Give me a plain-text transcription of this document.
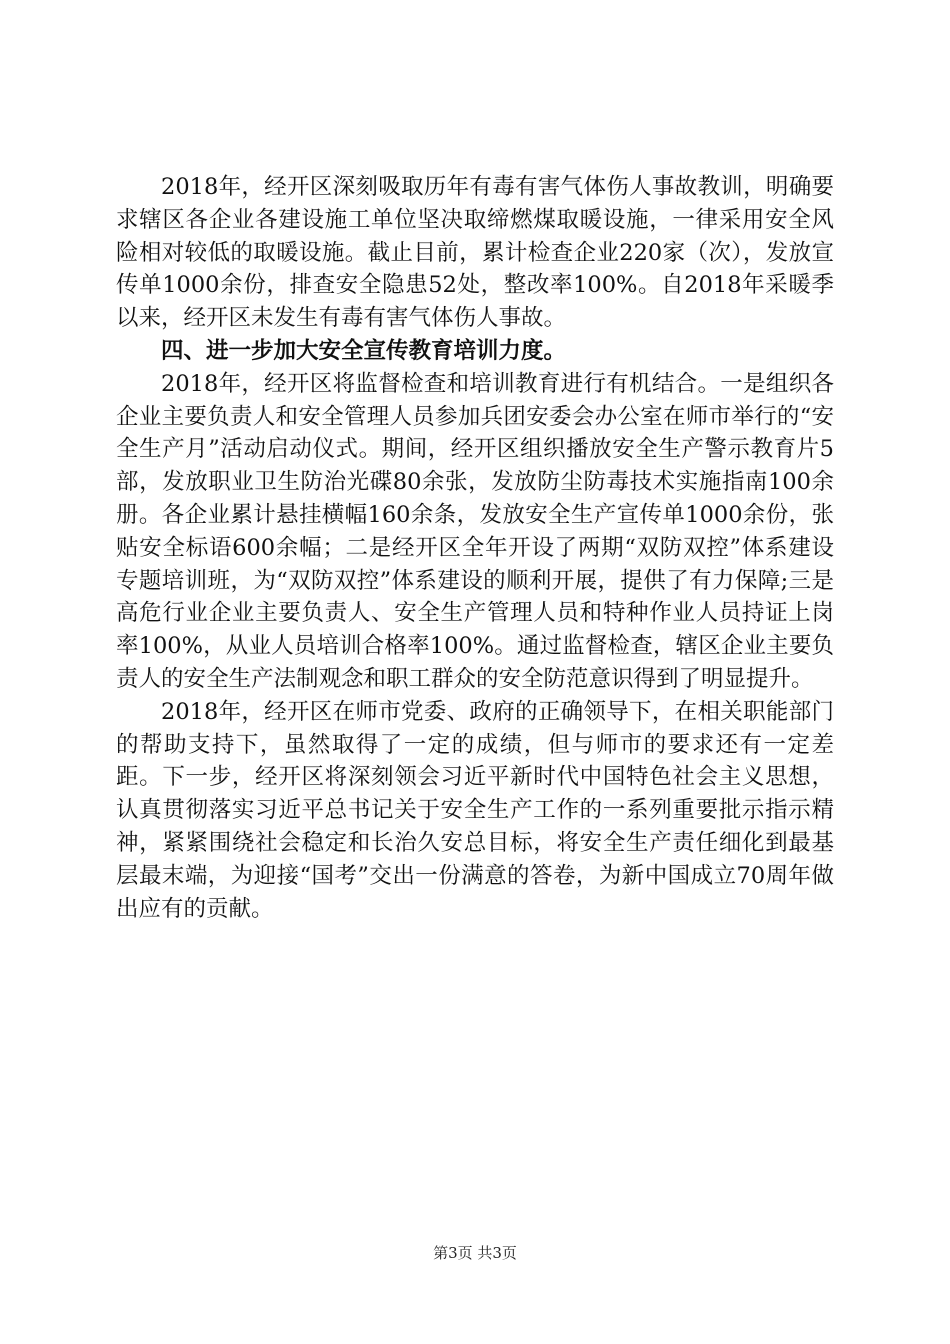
2018年，经开区深刻吸取历年有毒有害气体伤人事故教训，明确要求辖区各企业各建设施工单位坚决取缔燃煤取暖设施，一律采用安全风险相对较低的取暖设施。截止目前，累计检查企业220家（次），发放宣传单1000余份，排查安全隐患52处，整改率100%。自2018年采暖季以来，经开区未发生有毒有害气体伤人事故。

四、进一步加大安全宣传教育培训力度。

2018年，经开区将监督检查和培训教育进行有机结合。一是组织各企业主要负责人和安全管理人员参加兵团安委会办公室在师市举行的“安全生产月”活动启动仪式。期间，经开区组织播放安全生产警示教育片5部，发放职业卫生防治光碟80余张，发放防尘防毒技术实施指南100余册。各企业累计悬挂横幅160余条，发放安全生产宣传单1000余份，张贴安全标语600余幅；二是经开区全年开设了两期“双防双控”体系建设专题培训班，为“双防双控”体系建设的顺利开展，提供了有力保障;三是高危行业企业主要负责人、安全生产管理人员和特种作业人员持证上岗率100%，从业人员培训合格率100%。通过监督检查，辖区企业主要负责人的安全生产法制观念和职工群众的安全防范意识得到了明显提升。

2018年，经开区在师市党委、政府的正确领导下，在相关职能部门的帮助支持下，虽然取得了一定的成绩，但与师市的要求还有一定差距。下一步，经开区将深刻领会习近平新时代中国特色社会主义思想，认真贯彻落实习近平总书记关于安全生产工作的一系列重要批示指示精神，紧紧围绕社会稳定和长治久安总目标，将安全生产责任细化到最基层最末端，为迎接“国考”交出一份满意的答卷，为新中国成立70周年做出应有的贡献。

第3页 共3页
